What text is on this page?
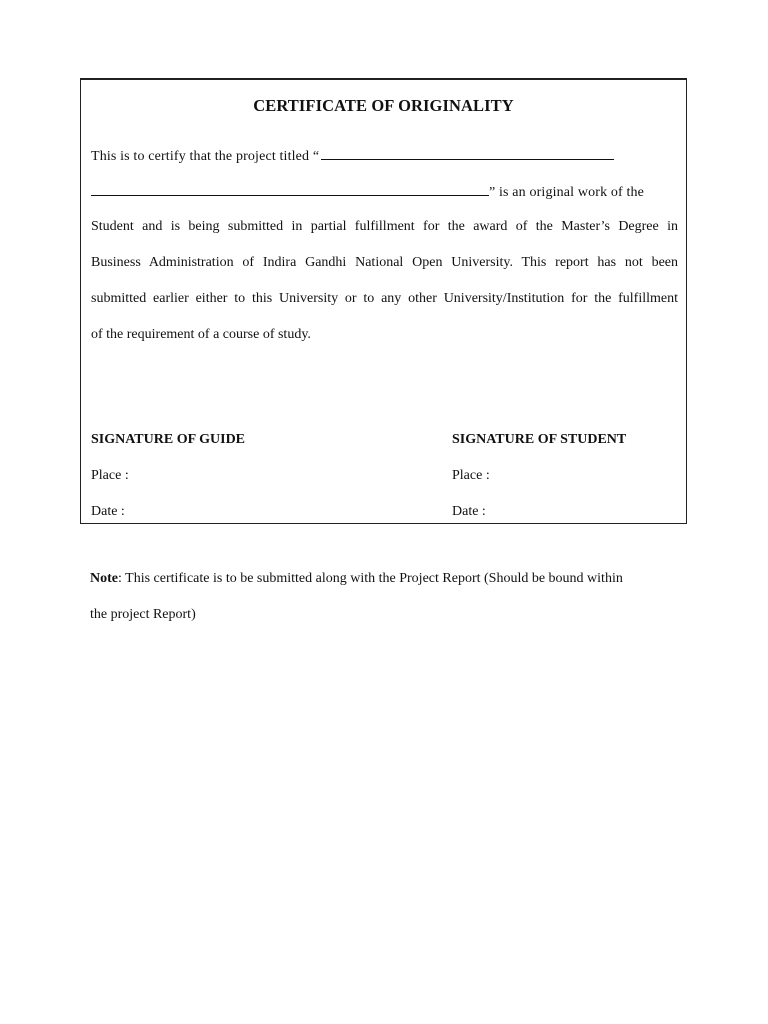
CERTIFICATE OF ORIGINALITY
This is to certify that the project titled “
” is an original work of the
Student and is being submitted in partial fulfillment for the award of the Master’s Degree in
Business Administration of Indira Gandhi National Open University. This report has not been
submitted earlier either to this University or to any other University/Institution for the fulfillment
of the requirement of a course of study.
SIGNATURE OF GUIDE	SIGNATURE OF STUDENT
Place :	Place :
Date :	Date :
Note: This certificate is to be submitted along with the Project Report (Should be bound within
the project Report)
